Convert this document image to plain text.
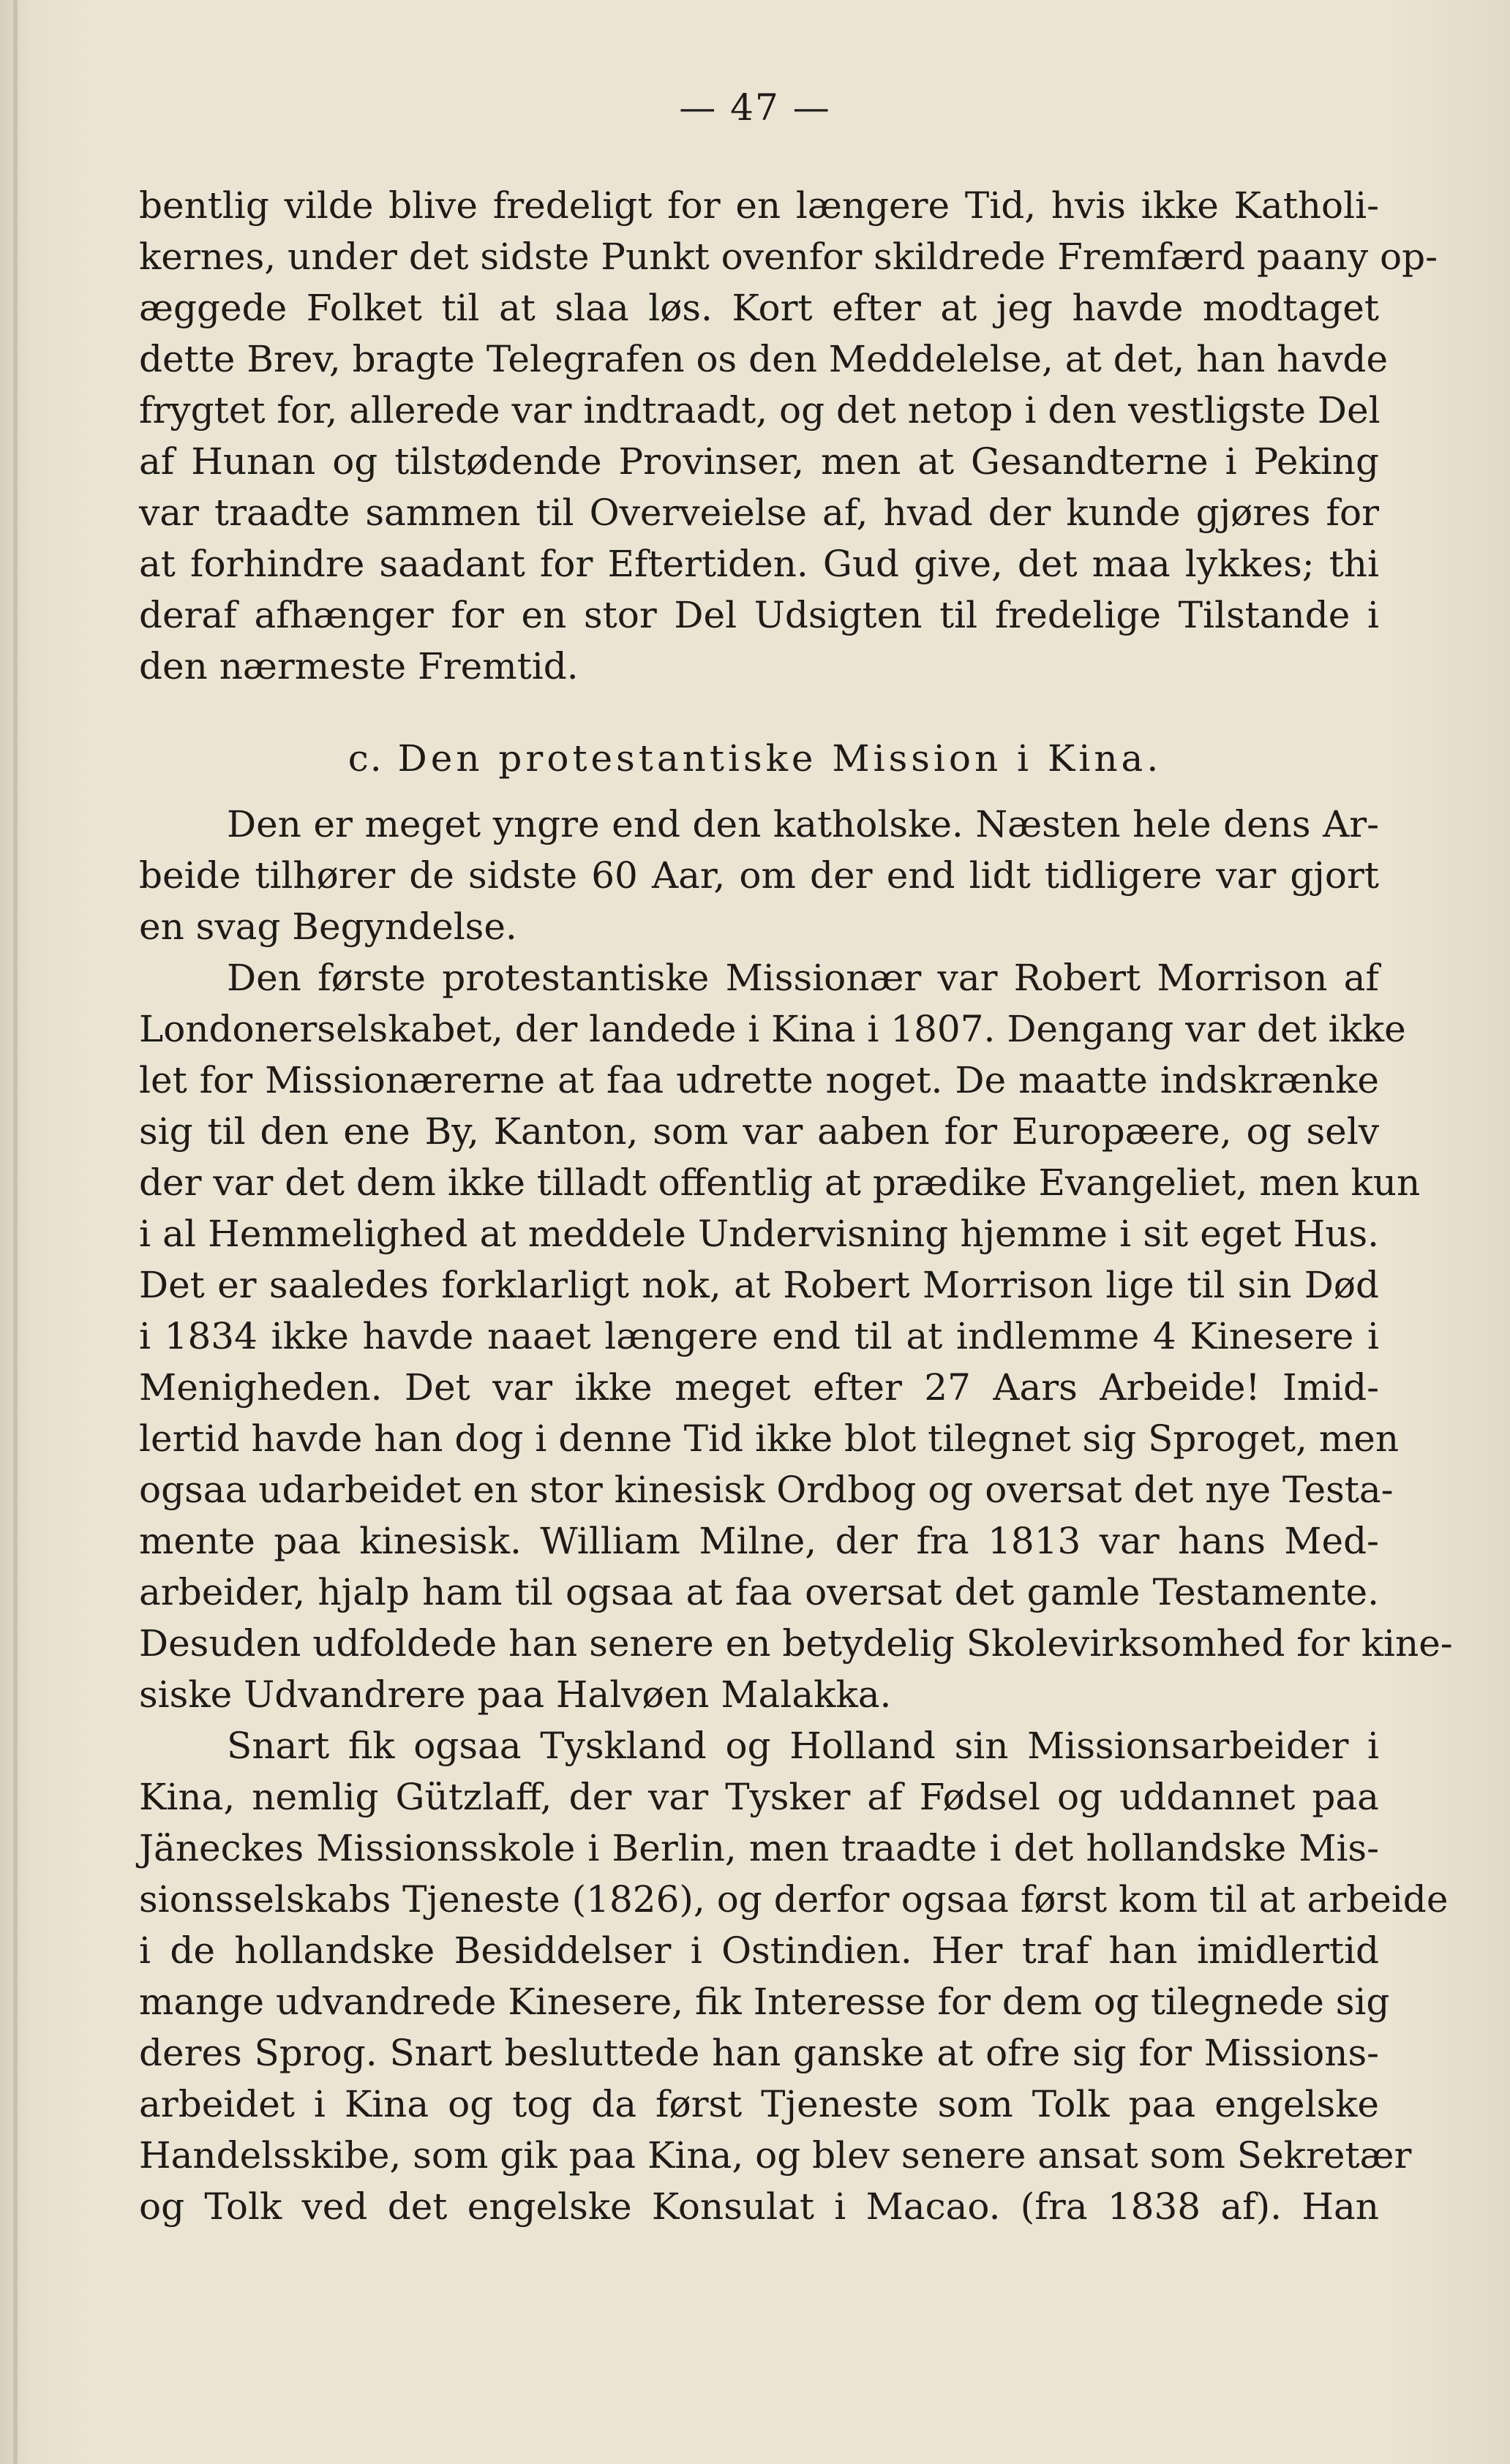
— 47 —
bentlig vilde blive fredeligt for en længere Tid, hvis ikke Katholi-
kernes, under det sidste Punkt ovenfor skildrede Fremfærd paany op-
æggede Folket til at slaa løs. Kort efter at jeg havde modtaget
dette Brev, bragte Telegrafen os den Meddelelse, at det, han havde
frygtet for, allerede var indtraadt, og det netop i den vestligste Del
af Hunan og tilstødende Provinser, men at Gesandterne i Peking
var traadte sammen til Overveielse af, hvad der kunde gjøres for
at forhindre saadant for Eftertiden. Gud give, det maa lykkes; thi
deraf afhænger for en stor Del Udsigten til fredelige Tilstande i
den nærmeste Fremtid.
c. Den protestantiske Mission i Kina.
Den er meget yngre end den katholske. Næsten hele dens Ar-
beide tilhører de sidste 60 Aar, om der end lidt tidligere var gjort
en svag Begyndelse.
Den første protestantiske Missionær var Robert Morrison af
Londonerselskabet, der landede i Kina i 1807. Dengang var det ikke
let for Missionærerne at faa udrette noget. De maatte indskrænke
sig til den ene By, Kanton, som var aaben for Europæere, og selv
der var det dem ikke tilladt offentlig at prædike Evangeliet, men kun
i al Hemmelighed at meddele Undervisning hjemme i sit eget Hus.
Det er saaledes forklarligt nok, at Robert Morrison lige til sin Død
i 1834 ikke havde naaet længere end til at indlemme 4 Kinesere i
Menigheden. Det var ikke meget efter 27 Aars Arbeide! Imid-
lertid havde han dog i denne Tid ikke blot tilegnet sig Sproget, men
ogsaa udarbeidet en stor kinesisk Ordbog og oversat det nye Testa-
mente paa kinesisk. William Milne, der fra 1813 var hans Med-
arbeider, hjalp ham til ogsaa at faa oversat det gamle Testamente.
Desuden udfoldede han senere en betydelig Skolevirksomhed for kine-
siske Udvandrere paa Halvøen Malakka.
Snart fik ogsaa Tyskland og Holland sin Missionsarbeider i
Kina, nemlig Gützlaff, der var Tysker af Fødsel og uddannet paa
Jäneckes Missionsskole i Berlin, men traadte i det hollandske Mis-
sionsselskabs Tjeneste (1826), og derfor ogsaa først kom til at arbeide
i de hollandske Besiddelser i Ostindien. Her traf han imidlertid
mange udvandrede Kinesere, fik Interesse for dem og tilegnede sig
deres Sprog. Snart besluttede han ganske at ofre sig for Missions-
arbeidet i Kina og tog da først Tjeneste som Tolk paa engelske
Handelsskibe, som gik paa Kina, og blev senere ansat som Sekretær
og Tolk ved det engelske Konsulat i Macao. (fra 1838 af). Han
